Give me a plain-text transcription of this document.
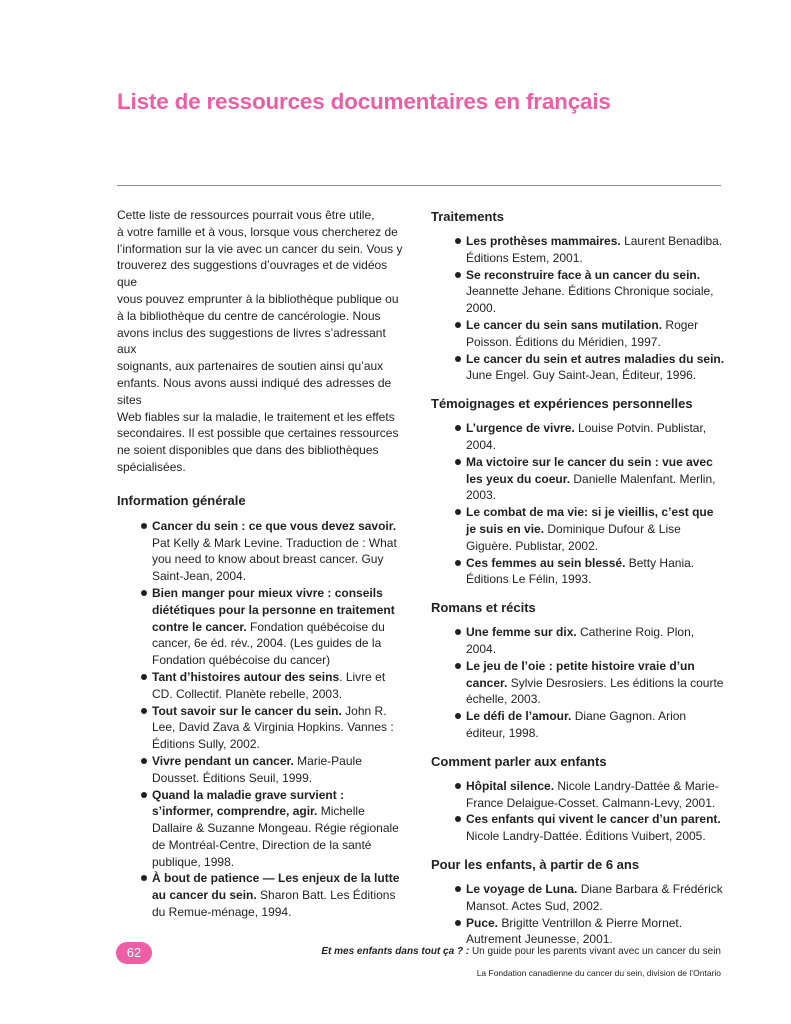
Liste de ressources documentaires en français

Cette liste de ressources pourrait vous être utile,
à votre famille et à vous, lorsque vous chercherez de
l’information sur la vie avec un cancer du sein. Vous y
trouverez des suggestions d’ouvrages et de vidéos que
vous pouvez emprunter à la bibliothèque publique ou
à la bibliothèque du centre de cancérologie. Nous
avons inclus des suggestions de livres s’adressant aux
soignants, aux partenaires de soutien ainsi qu’aux
enfants. Nous avons aussi indiqué des adresses de sites
Web fiables sur la maladie, le traitement et les effets
secondaires. Il est possible que certaines ressources
ne soient disponibles que dans des bibliothèques
spécialisées.

Information générale
Cancer du sein : ce que vous devez savoir. Pat Kelly & Mark Levine. Traduction de : What you need to know about breast cancer. Guy Saint-Jean, 2004.
Bien manger pour mieux vivre : conseils diététiques pour la personne en traitement contre le cancer. Fondation québécoise du cancer, 6e éd. rév., 2004. (Les guides de la Fondation québécoise du cancer)
Tant d’histoires autour des seins. Livre et CD. Collectif. Planète rebelle, 2003.
Tout savoir sur le cancer du sein. John R. Lee, David Zava & Virginia Hopkins. Vannes : Éditions Sully, 2002.
Vivre pendant un cancer. Marie-Paule Dousset. Éditions Seuil, 1999.
Quand la maladie grave survient : s’informer, comprendre, agir. Michelle Dallaire & Suzanne Mongeau. Régie régionale de Montréal-Centre, Direction de la santé publique, 1998.
À bout de patience — Les enjeux de la lutte au cancer du sein. Sharon Batt. Les Éditions du Remue-ménage, 1994.
Traitements
Les prothèses mammaires. Laurent Benadiba. Éditions Estem, 2001.
Se reconstruire face à un cancer du sein. Jeannette Jehane. Éditions Chronique sociale, 2000.
Le cancer du sein sans mutilation. Roger Poisson. Éditions du Méridien, 1997.
Le cancer du sein et autres maladies du sein. June Engel. Guy Saint-Jean, Éditeur, 1996.
Témoignages et expériences personnelles
L’urgence de vivre. Louise Potvin. Publistar, 2004.
Ma victoire sur le cancer du sein : vue avec les yeux du coeur. Danielle Malenfant. Merlin, 2003.
Le combat de ma vie: si je vieillis, c’est que je suis en vie. Dominique Dufour & Lise Giguère. Publistar, 2002.
Ces femmes au sein blessé. Betty Hania. Éditions Le Félin, 1993.
Romans et récits
Une femme sur dix. Catherine Roig. Plon, 2004.
Le jeu de l’oie : petite histoire vraie d’un cancer. Sylvie Desrosiers. Les éditions la courte échelle, 2003.
Le défi de l’amour. Diane Gagnon. Arion éditeur, 1998.
Comment parler aux enfants
Hôpital silence. Nicole Landry-Dattée & Marie-France Delaigue-Cosset. Calmann-Levy, 2001.
Ces enfants qui vivent le cancer d’un parent. Nicole Landry-Dattée. Éditions Vuibert, 2005.
Pour les enfants, à partir de 6 ans
Le voyage de Luna. Diane Barbara & Frédérick Mansot. Actes Sud, 2002.
Puce. Brigitte Ventrillon & Pierre Mornet. Autrement Jeunesse, 2001.
62	Et mes enfants dans tout ça ? : Un guide pour les parents vivant avec un cancer du sein
La Fondation canadienne du cancer du sein, division de l’Ontario
